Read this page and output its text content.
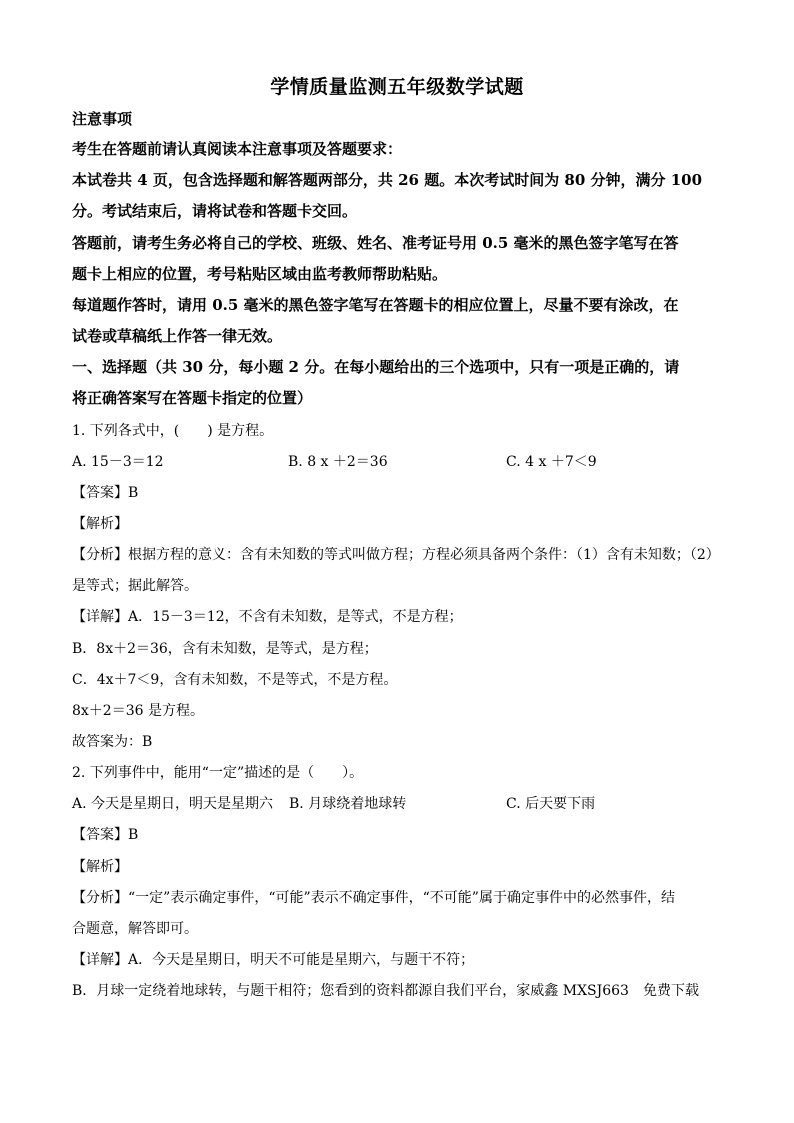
学情质量监测五年级数学试题
注意事项
考生在答题前请认真阅读本注意事项及答题要求：
本试卷共 4 页，包含选择题和解答题两部分，共 26 题。本次考试时间为 80 分钟，满分 100
分。考试结束后，请将试卷和答题卡交回。
答题前，请考生务必将自己的学校、班级、姓名、准考证号用 0.5 毫米的黑色签字笔写在答
题卡上相应的位置，考号粘贴区域由监考教师帮助粘贴。
每道题作答时，请用 0.5 毫米的黑色签字笔写在答题卡的相应位置上，尽量不要有涂改，在
试卷或草稿纸上作答一律无效。
一、选择题（共 30 分，每小题 2 分。在每小题给出的三个选项中，只有一项是正确的，请
将正确答案写在答题卡指定的位置）
1. 下列各式中，(　　) 是方程。
A. 15－3＝12	B. 8 x ＋2＝36	C. 4 x ＋7＜9
【答案】B
【解析】
【分析】根据方程的意义：含有未知数的等式叫做方程；方程必须具备两个条件：（1）含有未知数；（2）
是等式；据此解答。
【详解】A．15－3＝12，不含有未知数，是等式，不是方程；
B．8x＋2＝36，含有未知数，是等式，是方程；
C．4x＋7＜9，含有未知数，不是等式，不是方程。
8x＋2＝36 是方程。
故答案为：B
2. 下列事件中，能用“一定”描述的是（　　）。
A. 今天是星期日，明天是星期六 B. 月球绕着地球转	C. 后天要下雨
【答案】B
【解析】
【分析】“一定”表示确定事件，“可能”表示不确定事件，“不可能”属于确定事件中的必然事件，结
合题意，解答即可。
【详解】A．今天是星期日，明天不可能是星期六，与题干不符；
B．月球一定绕着地球转，与题干相符；您看到的资料都源自我们平台，家威鑫 MXSJ663　免费下载
